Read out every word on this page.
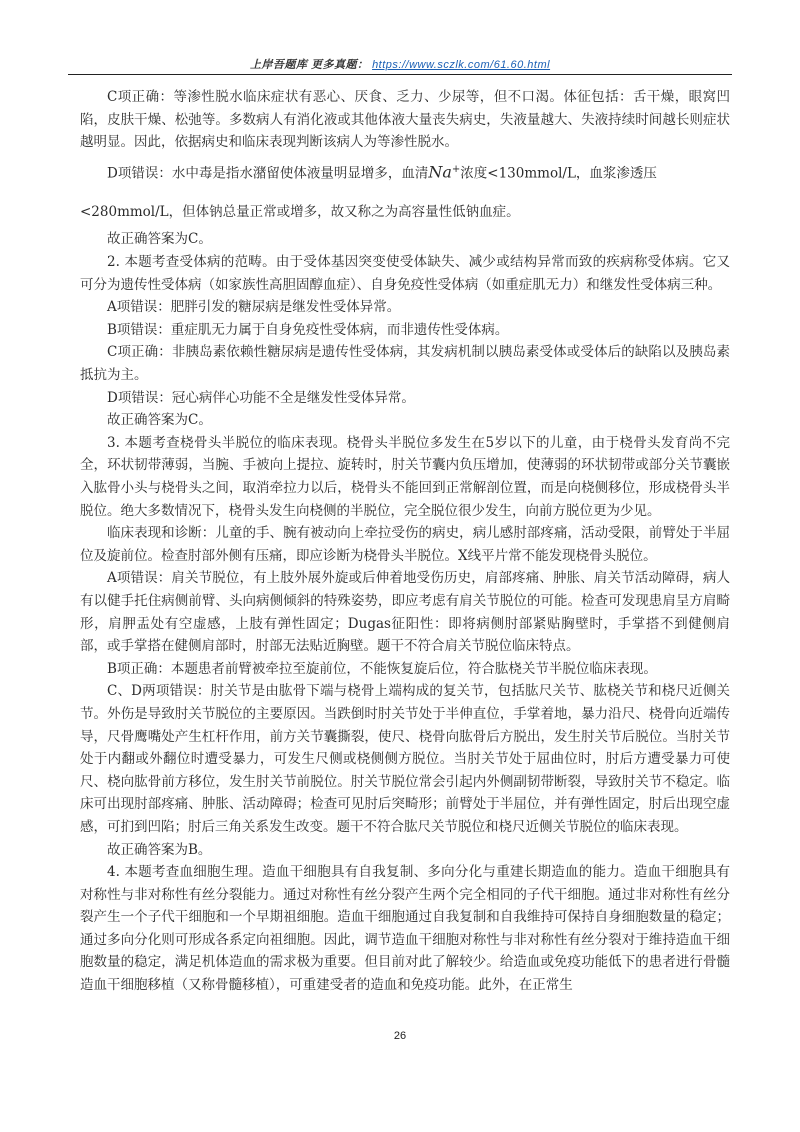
上岸吾题库 更多真题： https://www.sczlk.com/61.60.html

C项正确：等渗性脱水临床症状有恶心、厌食、乏力、少尿等，但不口渴。体征包括：舌干燥，眼窝凹陷，皮肤干燥、松弛等。多数病人有消化液或其他体液大量丧失病史，失液量越大、失液持续时间越长则症状越明显。因此，依据病史和临床表现判断该病人为等渗性脱水。

D项错误：水中毒是指水潴留使体液量明显增多，血清Na+浓度<130mmol/L，血浆渗透压

<280mmol/L，但体钠总量正常或增多，故又称之为高容量性低钠血症。

故正确答案为C。

2. 本题考查受体病的范畴。由于受体基因突变使受体缺失、减少或结构异常而致的疾病称受体病。它又可分为遗传性受体病（如家族性高胆固醇血症）、自身免疫性受体病（如重症肌无力）和继发性受体病三种。

A项错误：肥胖引发的糖尿病是继发性受体异常。

B项错误：重症肌无力属于自身免疫性受体病，而非遗传性受体病。

C项正确：非胰岛素依赖性糖尿病是遗传性受体病，其发病机制以胰岛素受体或受体后的缺陷以及胰岛素抵抗为主。

D项错误：冠心病伴心功能不全是继发性受体异常。

故正确答案为C。

3. 本题考查桡骨头半脱位的临床表现。桡骨头半脱位多发生在5岁以下的儿童，由于桡骨头发育尚不完全，环状韧带薄弱，当腕、手被向上提拉、旋转时，肘关节囊内负压增加，使薄弱的环状韧带或部分关节囊嵌入肱骨小头与桡骨头之间，取消牵拉力以后，桡骨头不能回到正常解剖位置，而是向桡侧移位，形成桡骨头半脱位。绝大多数情况下，桡骨头发生向桡侧的半脱位，完全脱位很少发生，向前方脱位更为少见。

临床表现和诊断：儿童的手、腕有被动向上牵拉受伤的病史，病儿感肘部疼痛，活动受限，前臂处于半屈位及旋前位。检查肘部外侧有压痛，即应诊断为桡骨头半脱位。X线平片常不能发现桡骨头脱位。

A项错误：肩关节脱位，有上肢外展外旋或后伸着地受伤历史，肩部疼痛、肿胀、肩关节活动障碍，病人有以健手托住病侧前臂、头向病侧倾斜的特殊姿势，即应考虑有肩关节脱位的可能。检查可发现患肩呈方肩畸形，肩胛盂处有空虚感，上肢有弹性固定；Dugas征阳性：即将病侧肘部紧贴胸壁时，手掌搭不到健侧肩部，或手掌搭在健侧肩部时，肘部无法贴近胸壁。题干不符合肩关节脱位临床特点。

B项正确：本题患者前臂被牵拉至旋前位，不能恢复旋后位，符合肱桡关节半脱位临床表现。

C、D两项错误：肘关节是由肱骨下端与桡骨上端构成的复关节，包括肱尺关节、肱桡关节和桡尺近侧关节。外伤是导致肘关节脱位的主要原因。当跌倒时肘关节处于半伸直位，手掌着地，暴力沿尺、桡骨向近端传导，尺骨鹰嘴处产生杠杆作用，前方关节囊撕裂，使尺、桡骨向肱骨后方脱出，发生肘关节后脱位。当肘关节处于内翻或外翻位时遭受暴力，可发生尺侧或桡侧侧方脱位。当肘关节处于屈曲位时，肘后方遭受暴力可使尺、桡向肱骨前方移位，发生肘关节前脱位。肘关节脱位常会引起内外侧副韧带断裂，导致肘关节不稳定。临床可出现肘部疼痛、肿胀、活动障碍；检查可见肘后突畸形；前臂处于半屈位，并有弹性固定，肘后出现空虚感，可扪到凹陷；肘后三角关系发生改变。题干不符合肱尺关节脱位和桡尺近侧关节脱位的临床表现。

故正确答案为B。

4. 本题考查血细胞生理。造血干细胞具有自我复制、多向分化与重建长期造血的能力。造血干细胞具有对称性与非对称性有丝分裂能力。通过对称性有丝分裂产生两个完全相同的子代干细胞。通过非对称性有丝分裂产生一个子代干细胞和一个早期祖细胞。造血干细胞通过自我复制和自我维持可保持自身细胞数量的稳定；通过多向分化则可形成各系定向祖细胞。因此，调节造血干细胞对称性与非对称性有丝分裂对于维持造血干细胞数量的稳定，满足机体造血的需求极为重要。但目前对此了解较少。给造血或免疫功能低下的患者进行骨髓造血干细胞移植（又称骨髓移植），可重建受者的造血和免疫功能。此外，在正常生

26
